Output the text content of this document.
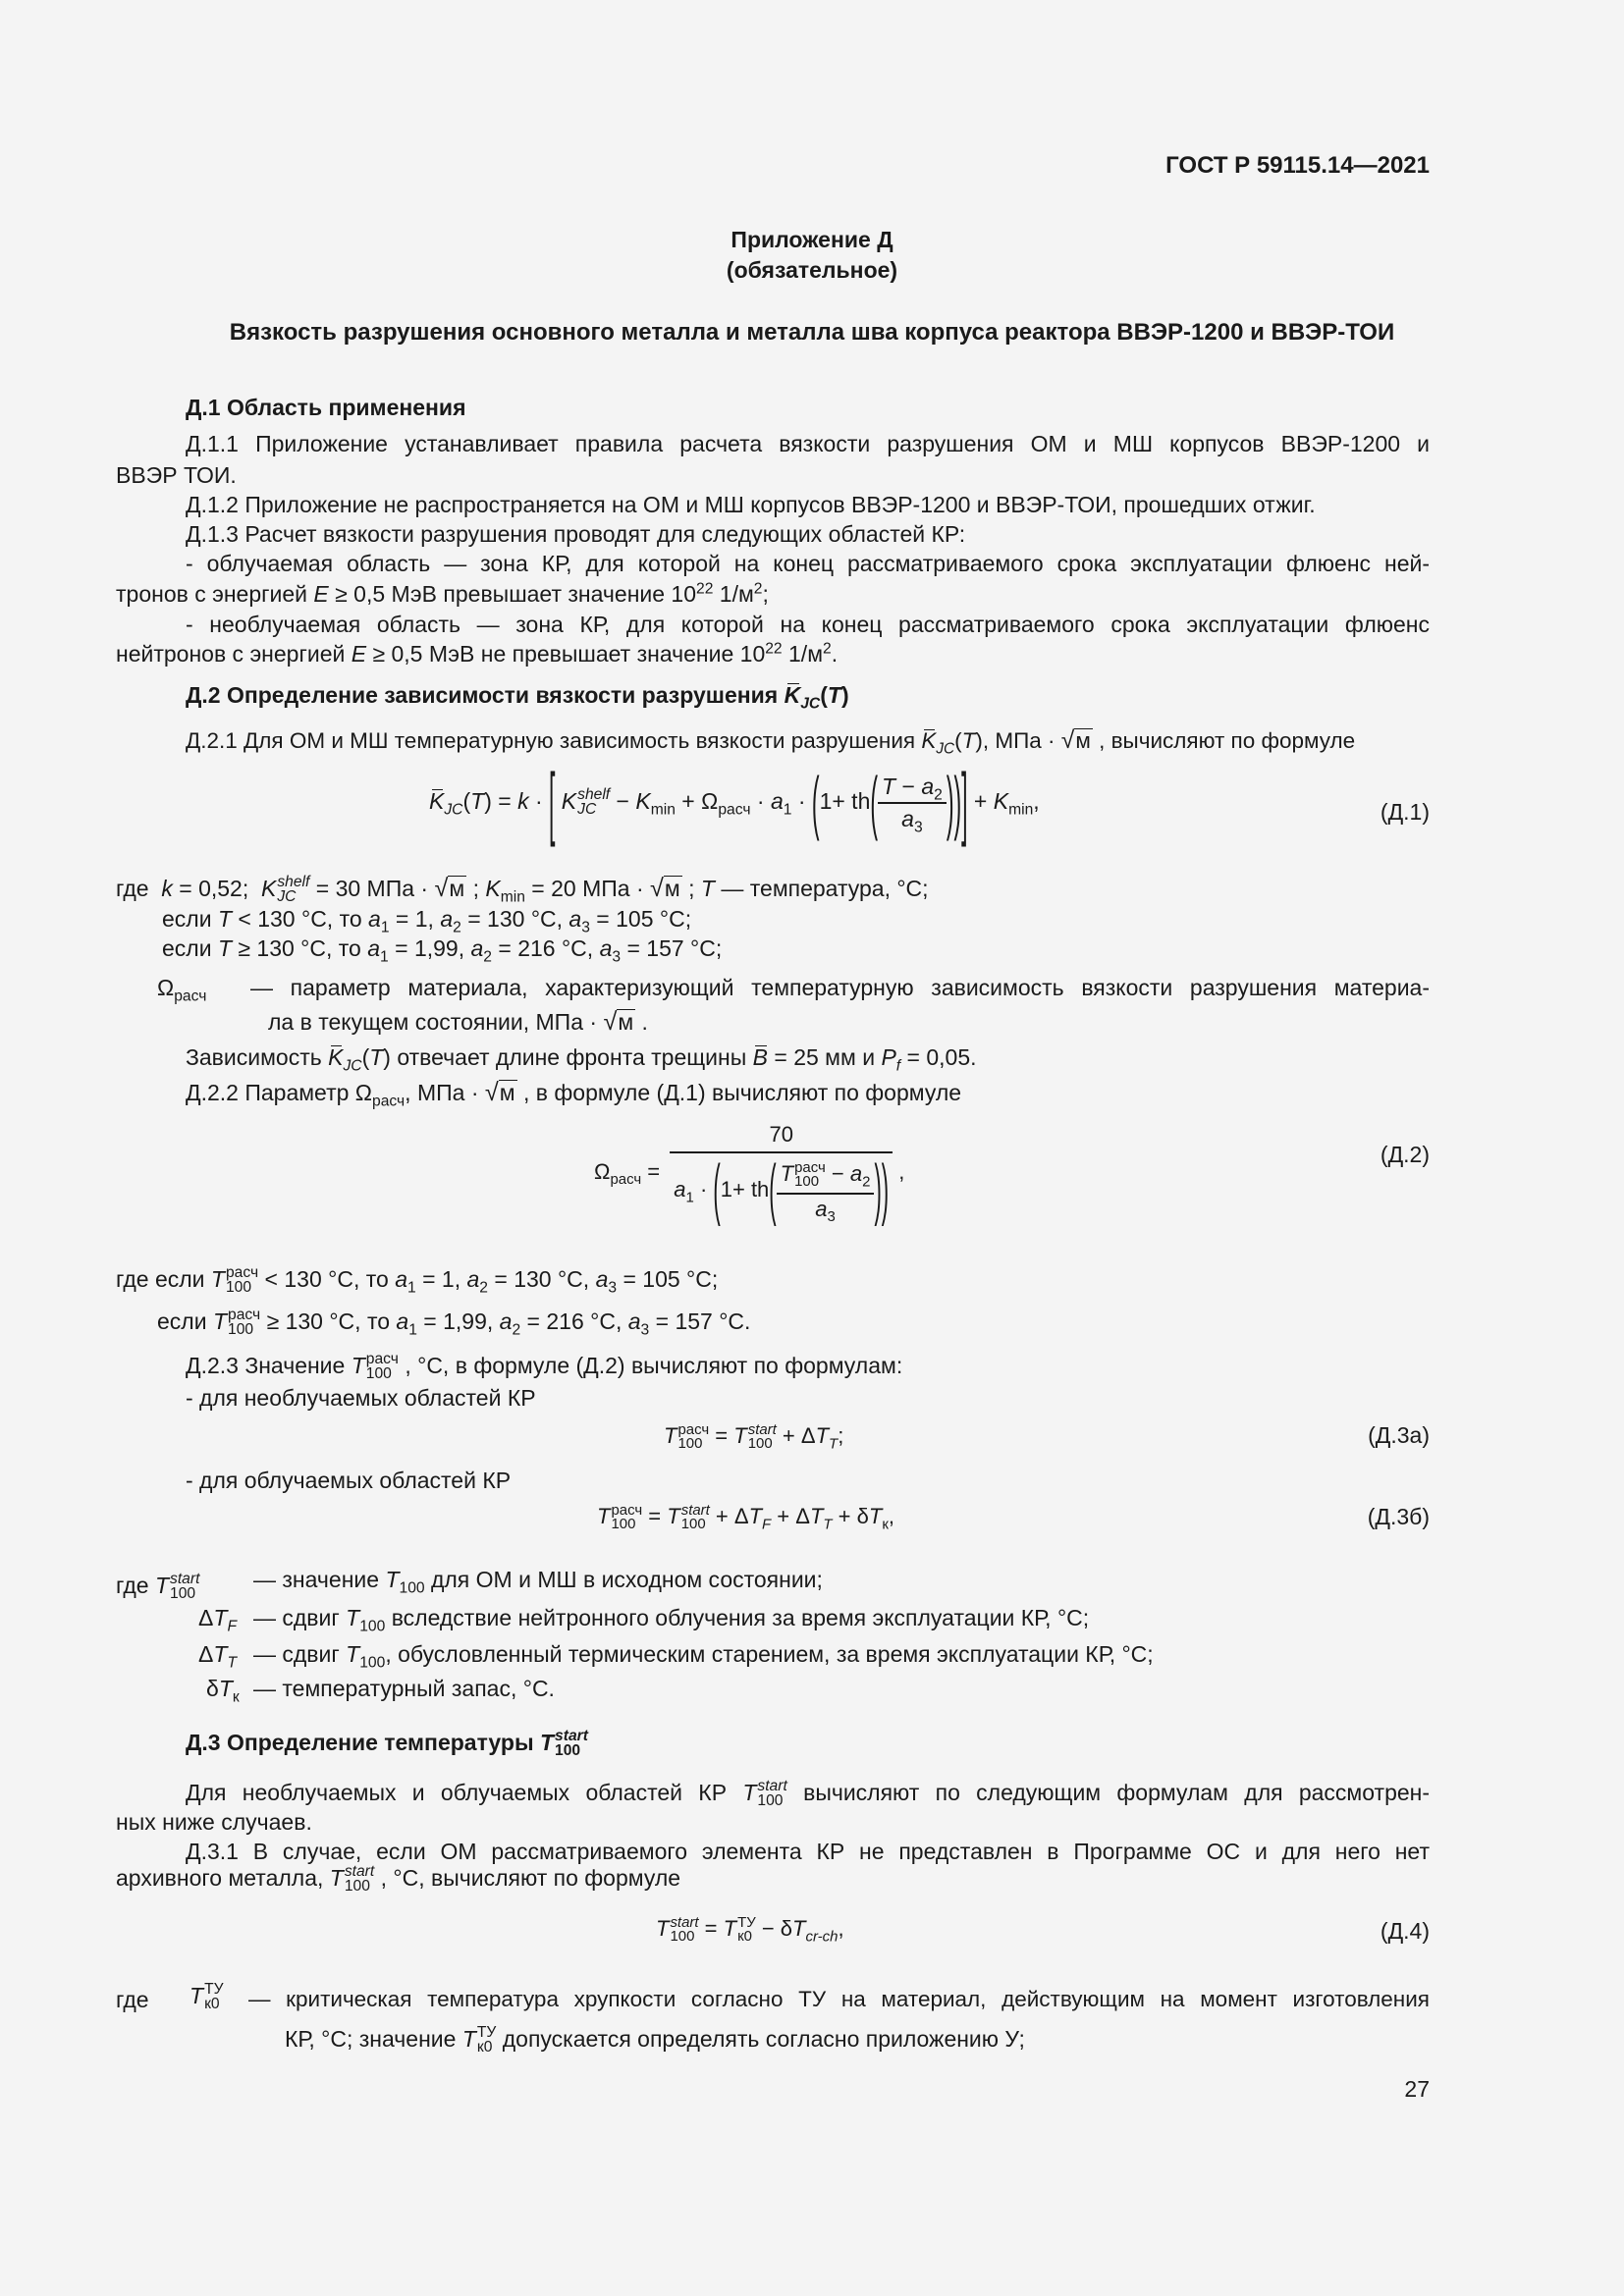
ГОСТ Р 59115.14—2021
Приложение Д
(обязательное)
Вязкость разрушения основного металла и металла шва корпуса реактора ВВЭР-1200 и ВВЭР-ТОИ
Д.1 Область применения
Д.1.1 Приложение устанавливает правила расчета вязкости разрушения ОМ и МШ корпусов ВВЭР-1200 и
ВВЭР ТОИ.
Д.1.2 Приложение не распространяется на ОМ и МШ корпусов ВВЭР-1200 и ВВЭР-ТОИ, прошедших отжиг.
Д.1.3 Расчет вязкости разрушения проводят для следующих областей КР:
- облучаемая область — зона КР, для которой на конец рассматриваемого срока эксплуатации флюенс ней-
тронов с энергией E ≥ 0,5 МэВ превышает значение $10^{22}$ $1/м^2$;
- необлучаемая область — зона КР, для которой на конец рассматриваемого срока эксплуатации флюенс
нейтронов с энергией E ≥ 0,5 МэВ не превышает значение $10^{22}$ $1/м^2$.
Д.2 Определение зависимости вязкости разрушения $K_{JC}(T)$
Д.2.1 Для ОМ и МШ температурную зависимость вязкости разрушения $K_{JC}(T)$, МПа · √м , вычисляют по формуле
$K_{JC}(T) = k$ · [ K shelf
JC − $K_{min} + \Omega_{расч} \cdot a_1 \cdot (1+ th( \frac{T - a_2}{a_3}$ ))] + $K_{min}$,	(Д.1)
где k = 0,52; K shelf
JC = 30 МПа · √м ; $K_{min} = 20$ МПа · √м ; T — температура, °С;
если T < 130 °С, то $a_1 = 1$, $a_2 = 130$ °С, $a_3 = 105$ °С;
если T ≥ 130 °С, то $a_1 = 1,99$, $a_2 = 216$ °С, $a_3 = 157$ °С;
$\Omega_{расч}$ — параметр материала, характеризующий температурную зависимость вязкости разрушения материа-
ла в текущем состоянии, МПа · √м .
Зависимость $K_{JC}(T)$ отвечает длине фронта трещины B = 25 мм и $P_f = 0,05$.
Д.2.2 Параметр $\Omega_{расч}$, МПа · √м , в формуле (Д.1) вычисляют по формуле
$\Omega_{расч} = 70$
$a_1 \cdot (1+ th$( T расч
$100 - a_2$
$a_3$ )) ,
(Д.2)
где если T расч
100 < 130 °С, то $a_1 = 1$, $a_2 = 130$ °С, $a_3 = 105$ °С;
если T расч
100 ≥ 130 °С, то $a_1 = 1,99$, $a_2 = 216$ °С, $a_3 = 157$ °С.
Д.2.3 Значение T расч
100 , °С, в формуле (Д.2) вычисляют по формулам:
- для необлучаемых областей КР
T расч
100 = T start
$100 + \Delta T_T$;	(Д.3а)
- для облучаемых областей КР
T расч
100 = T start
$100 + \Delta T_F + \Delta T_T + \delta T_к$,	(Д.3б)
где T start
100
— значение $T_{100}$ для ОМ и МШ в исходном состоянии;
$\Delta T_F$ — сдвиг $T_{100}$ вследствие нейтронного облучения за время эксплуатации КР, °С;
$\Delta T_T$ — сдвиг $T_{100}$, обусловленный термическим старением, за время эксплуатации КР, °С;
$\delta T_к$ — температурный запас, °С.
Д.3 Определение температуры T start
100
Для необлучаемых и облучаемых областей КР T start
100 вычисляют по следующим формулам для рассмотрен-
ных ниже случаев.
Д.3.1 В случае, если ОМ рассматриваемого элемента КР не представлен в Программе ОС и для него нет
архивного металла, T start
100 , °С, вычисляют по формуле
T start
100 = T ТУ
$к0 - \delta T_{cr-ch}$,	(Д.4)
где T ТУ
к0 — критическая температура хрупкости согласно ТУ на материал, действующим на момент изготовления
КР, °С; значение T ТУ
к0 допускается определять согласно приложению У;
27
